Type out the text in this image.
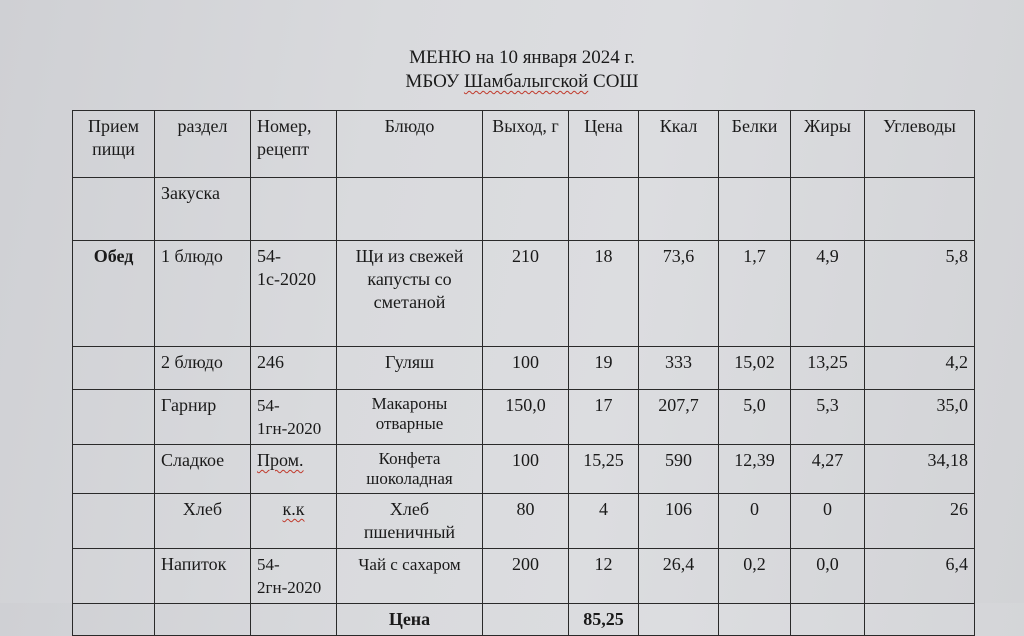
МЕНЮ на 10 января 2024 г.
МБОУ Шамбалыгской СОШ
Прием пищи	раздел	Номер, рецепт	Блюдо	Выход, г	Цена	Ккал	Белки	Жиры	Углеводы
	Закуска								
Обед	1 блюдо	54-1с-2020	Щи из свежей капусты со сметаной	210	18	73,6	1,7	4,9	5,8
	2 блюдо	246	Гуляш	100	19	333	15,02	13,25	4,2
	Гарнир	54-1гн-2020	Макароны отварные	150,0	17	207,7	5,0	5,3	35,0
	Сладкое	Пром.	Конфета шоколадная	100	15,25	590	12,39	4,27	34,18
	Хлеб	к.к	Хлеб пшеничный	80	4	106	0	0	26
	Напиток	54-2гн-2020	Чай с сахаром	200	12	26,4	0,2	0,0	6,4
			Цена		85,25				
